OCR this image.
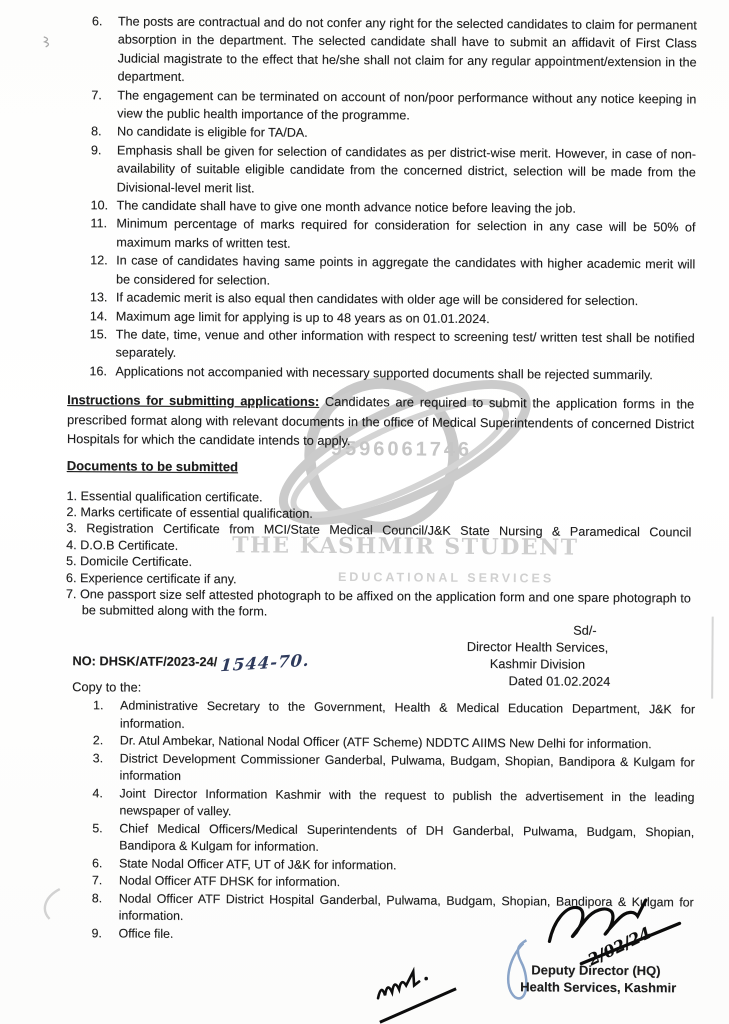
9596061746
THE KASHMIR STUDENT
EDUCATIONAL SERVICES
6.	The posts are contractual and do not confer any right for the selected candidates to claim for permanent absorption in the department. The selected candidate shall have to submit an affidavit of First Class Judicial magistrate to the effect that he/she shall not claim for any regular appointment/extension in the department.
7.	The engagement can be terminated on account of non/poor performance without any notice keeping in view the public health importance of the programme.
8.	No candidate is eligible for TA/DA.
9.	Emphasis shall be given for selection of candidates as per district-wise merit. However, in case of non-availability of suitable eligible candidate from the concerned district, selection will be made from the Divisional-level merit list.
10. The candidate shall have to give one month advance notice before leaving the job.
11. Minimum percentage of marks required for consideration for selection in any case will be 50% of maximum marks of written test.
12. In case of candidates having same points in aggregate the candidates with higher academic merit will be considered for selection.
13. If academic merit is also equal then candidates with older age will be considered for selection.
14. Maximum age limit for applying is up to 48 years as on 01.01.2024.
15. The date, time, venue and other information with respect to screening test/ written test shall be notified separately.
16. Applications not accompanied with necessary supported documents shall be rejected summarily.
Instructions for submitting applications: Candidates are required to submit the application forms in the prescribed format along with relevant documents in the office of Medical Superintendents of concerned District Hospitals for which the candidate intends to apply.
Documents to be submitted
1. Essential qualification certificate.
2. Marks certificate of essential qualification.
3. Registration Certificate from MCI/State Medical Council/J&K State Nursing & Paramedical Council
4. D.O.B Certificate.
5. Domicile Certificate.
6. Experience certificate if any.
7. One passport size self attested photograph to be affixed on the application form and one spare photograph to be submitted along with the form.
Sd/-
Director Health Services,
Kashmir Division
Dated 01.02.2024
NO: DHSK/ATF/2023-24/ 1544-70.
Copy to the:
1.	Administrative Secretary to the Government, Health & Medical Education Department, J&K for information.
2.	Dr. Atul Ambekar, National Nodal Officer (ATF Scheme) NDDTC AIIMS New Delhi for information.
3.	District Development Commissioner Ganderbal, Pulwama, Budgam, Shopian, Bandipora & Kulgam for information
4.	Joint Director Information Kashmir with the request to publish the advertisement in the leading newspaper of valley.
5.	Chief Medical Officers/Medical Superintendents of DH Ganderbal, Pulwama, Budgam, Shopian, Bandipora & Kulgam for information.
6.	State Nodal Officer ATF, UT of J&K for information.
7.	Nodal Officer ATF DHSK for information.
8.	Nodal Officer ATF District Hospital Ganderbal, Pulwama, Budgam, Shopian, Bandipora & Kulgam for information.
9.	Office file.	2/02/24
Deputy Director (HQ)
Health Services, Kashmir
